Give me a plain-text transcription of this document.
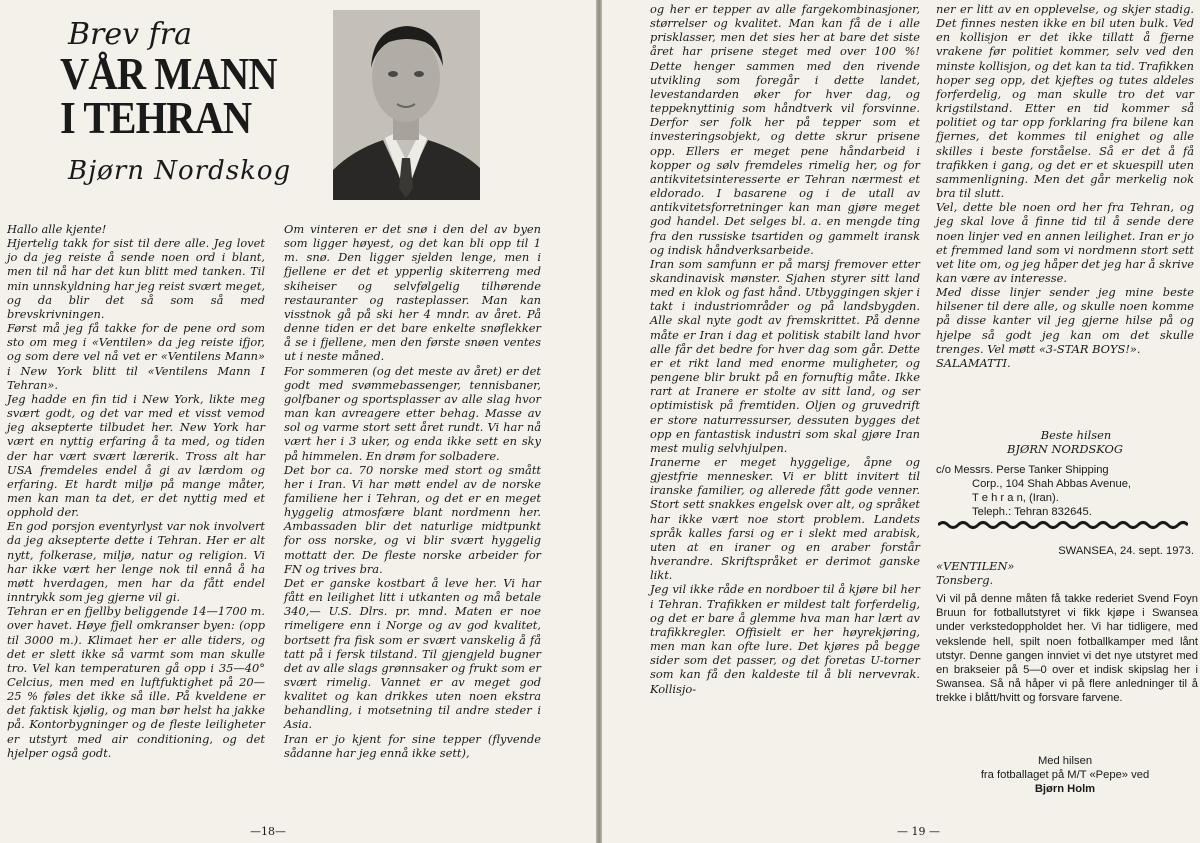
Brev fra
VÅR MANN I TEHRAN
Bjørn Nordskog
Hallo alle kjente!
Hjertelig takk for sist til dere alle. Jeg lovet jo da jeg reiste å sende noen ord i blant, men til nå har det kun blitt med tanken. Til min unnskyldning har jeg reist svært meget, og da blir det så som så med brevskrivningen.
Først må jeg få takke for de pene ord som sto om meg i «Ventilen» da jeg reiste ifjor, og som dere vel nå vet er «Ventilens Mann» i New York blitt til «Ventilens Mann I Tehran».
Jeg hadde en fin tid i New York, likte meg svært godt, og det var med et visst vemod jeg aksepterte tilbudet her. New York har vært en nyttig erfaring å ta med, og tiden der har vært svært lærerik. Tross alt har USA fremdeles endel å gi av lærdom og erfaring. Et hardt miljø på mange måter, men kan man ta det, er det nyttig med et opphold der.
En god porsjon eventyrlyst var nok involvert da jeg aksepterte dette i Tehran. Her er alt nytt, folkerase, miljø, natur og religion. Vi har ikke vært her lenge nok til ennå å ha møtt hverdagen, men har da fått endel inntrykk som jeg gjerne vil gi.
Tehran er en fjellby beliggende 14—1700 m. over havet. Høye fjell omkranser byen: (opp til 3000 m.). Klimaet her er alle tiders, og det er slett ikke så varmt som man skulle tro. Vel kan temperaturen gå opp i 35—40° Celcius, men med en luftfuktighet på 20—25 % føles det ikke så ille. På kveldene er det faktisk kjølig, og man bør helst ha jakke på. Kontorbygninger og de fleste leiligheter er utstyrt med air conditioning, og det hjelper også godt.
Om vinteren er det snø i den del av byen som ligger høyest, og det kan bli opp til 1 m. snø. Den ligger sjelden lenge, men i fjellene er det et ypperlig skiterreng med skiheiser og selvfølgelig tilhørende restauranter og rasteplasser. Man kan visstnok gå på ski her 4 mndr. av året. På denne tiden er det bare enkelte snøflekker å se i fjellene, men den første snøen ventes ut i neste måned.
For sommeren (og det meste av året) er det godt med svømmebassenger, tennisbaner, golfbaner og sportsplasser av alle slag hvor man kan avreagere etter behag. Masse av sol og varme stort sett året rundt. Vi har nå vært her i 3 uker, og enda ikke sett en sky på himmelen. En drøm for solbadere.
Det bor ca. 70 norske med stort og smått her i Iran. Vi har møtt endel av de norske familiene her i Tehran, og det er en meget hyggelig atmosfære blant nordmenn her. Ambassaden blir det naturlige midtpunkt for oss norske, og vi blir svært hyggelig mottatt der. De fleste norske arbeider for FN og trives bra.
Det er ganske kostbart å leve her. Vi har fått en leilighet litt i utkanten og må betale 340,— U.S. Dlrs. pr. mnd. Maten er noe rimeligere enn i Norge og av god kvalitet, bortsett fra fisk som er svært vanskelig å få tatt på i fersk tilstand. Til gjengjeld bugner det av alle slags grønnsaker og frukt som er svært rimelig. Vannet er av meget god kvalitet og kan drikkes uten noen ekstra behandling, i motsetning til andre steder i Asia.
Iran er jo kjent for sine tepper (flyvende sådanne har jeg ennå ikke sett),
—18—
og her er tepper av alle fargekombinasjoner, størrelser og kvalitet. Man kan få de i alle prisklasser, men det sies her at bare det siste året har prisene steget med over 100 %! Dette henger sammen med den rivende utvikling som foregår i dette landet, levestandarden øker for hver dag, og teppeknyttinig som håndtverk vil forsvinne. Derfor ser folk her på tepper som et investeringsobjekt, og dette skrur prisene opp. Ellers er meget pene håndarbeid i kopper og sølv fremdeles rimelig her, og for antikvitetsinteresserte er Tehran nærmest et eldorado. I basarene og i de utall av antikvitetsforretninger kan man gjøre meget god handel. Det selges bl. a. en mengde ting fra den russiske tsartiden og gammelt iransk og indisk håndverksarbeide.
Iran som samfunn er på marsj fremover etter skandinavisk mønster. Sjahen styrer sitt land med en klok og fast hånd. Utbyggingen skjer i takt i industriområder og på landsbygden. Alle skal nyte godt av fremskrittet. På denne måte er Iran i dag et politisk stabilt land hvor alle får det bedre for hver dag som går. Dette er et rikt land med enorme muligheter, og pengene blir brukt på en fornuftig måte. Ikke rart at Iranere er stolte av sitt land, og ser optimistisk på fremtiden. Oljen og gruvedrift er store naturressurser, dessuten bygges det opp en fantastisk industri som skal gjøre Iran mest mulig selvhjulpen.
Iranerne er meget hyggelige, åpne og gjestfrie mennesker. Vi er blitt invitert til iranske familier, og allerede fått gode venner. Stort sett snakkes engelsk over alt, og språket har ikke vært noe stort problem. Landets språk kalles farsi og er i slekt med arabisk, uten at en iraner og en araber forstår hverandre. Skriftspråket er derimot ganske likt.
Jeg vil ikke råde en nordboer til å kjøre bil her i Tehran. Trafikken er mildest talt forferdelig, og det er bare å glemme hva man har lært av trafikkregler. Offisielt er her høyrekjøring, men man kan ofte lure. Det kjøres på begge sider som det passer, og det foretas U-torner som kan få den kaldeste til å bli nervevrak. Kollisjo-
ner er litt av en opplevelse, og skjer stadig. Det finnes nesten ikke en bil uten bulk. Ved en kollisjon er det ikke tillatt å fjerne vrakene før politiet kommer, selv ved den minste kollisjon, og det kan ta tid. Trafikken hoper seg opp, det kjeftes og tutes aldeles forferdelig, og man skulle tro det var krigstilstand. Etter en tid kommer så politiet og tar opp forklaring fra bilene kan fjernes, det kommes til enighet og alle skilles i beste forståelse. Så er det å få trafikken i gang, og det er et skuespill uten sammenligning. Men det går merkelig nok bra til slutt.
Vel, dette ble noen ord her fra Tehran, og jeg skal love å finne tid til å sende dere noen linjer ved en annen leilighet. Iran er jo et fremmed land som vi nordmenn stort sett vet lite om, og jeg håper det jeg har å skrive kan være av interesse.
Med disse linjer sender jeg mine beste hilsener til dere alle, og skulle noen komme på disse kanter vil jeg gjerne hilse på og hjelpe så godt jeg kan om det skulle trenges. Vel møtt «3-STAR BOYS!».
SALAMATTI.
Beste hilsen
BJØRN NORDSKOG
c/o Messrs. Perse Tanker Shipping
Corp., 104 Shah Abbas Avenue,
T e h r a n, (Iran).
Teleph.: Tehran 832645.
SWANSEA, 24. sept. 1973.
«VENTILEN»
Tonsberg.
Vi vil på denne måten få takke rederiet Svend Foyn Bruun for fotballutstyret vi fikk kjøpe i Swansea under verkstedoppholdet her. Vi har tidligere, med vekslende hell, spilt noen fotballkamper med lånt utstyr. Denne gangen innviet vi det nye utstyret med en brakseier på 5—0 over et indisk skipslag her i Swansea. Så nå håper vi på flere anledninger til å trekke i blått/hvitt og forsvare farvene.
Med hilsen
fra fotballaget på M/T «Pepe» ved
Bjørn Holm
— 19 —
